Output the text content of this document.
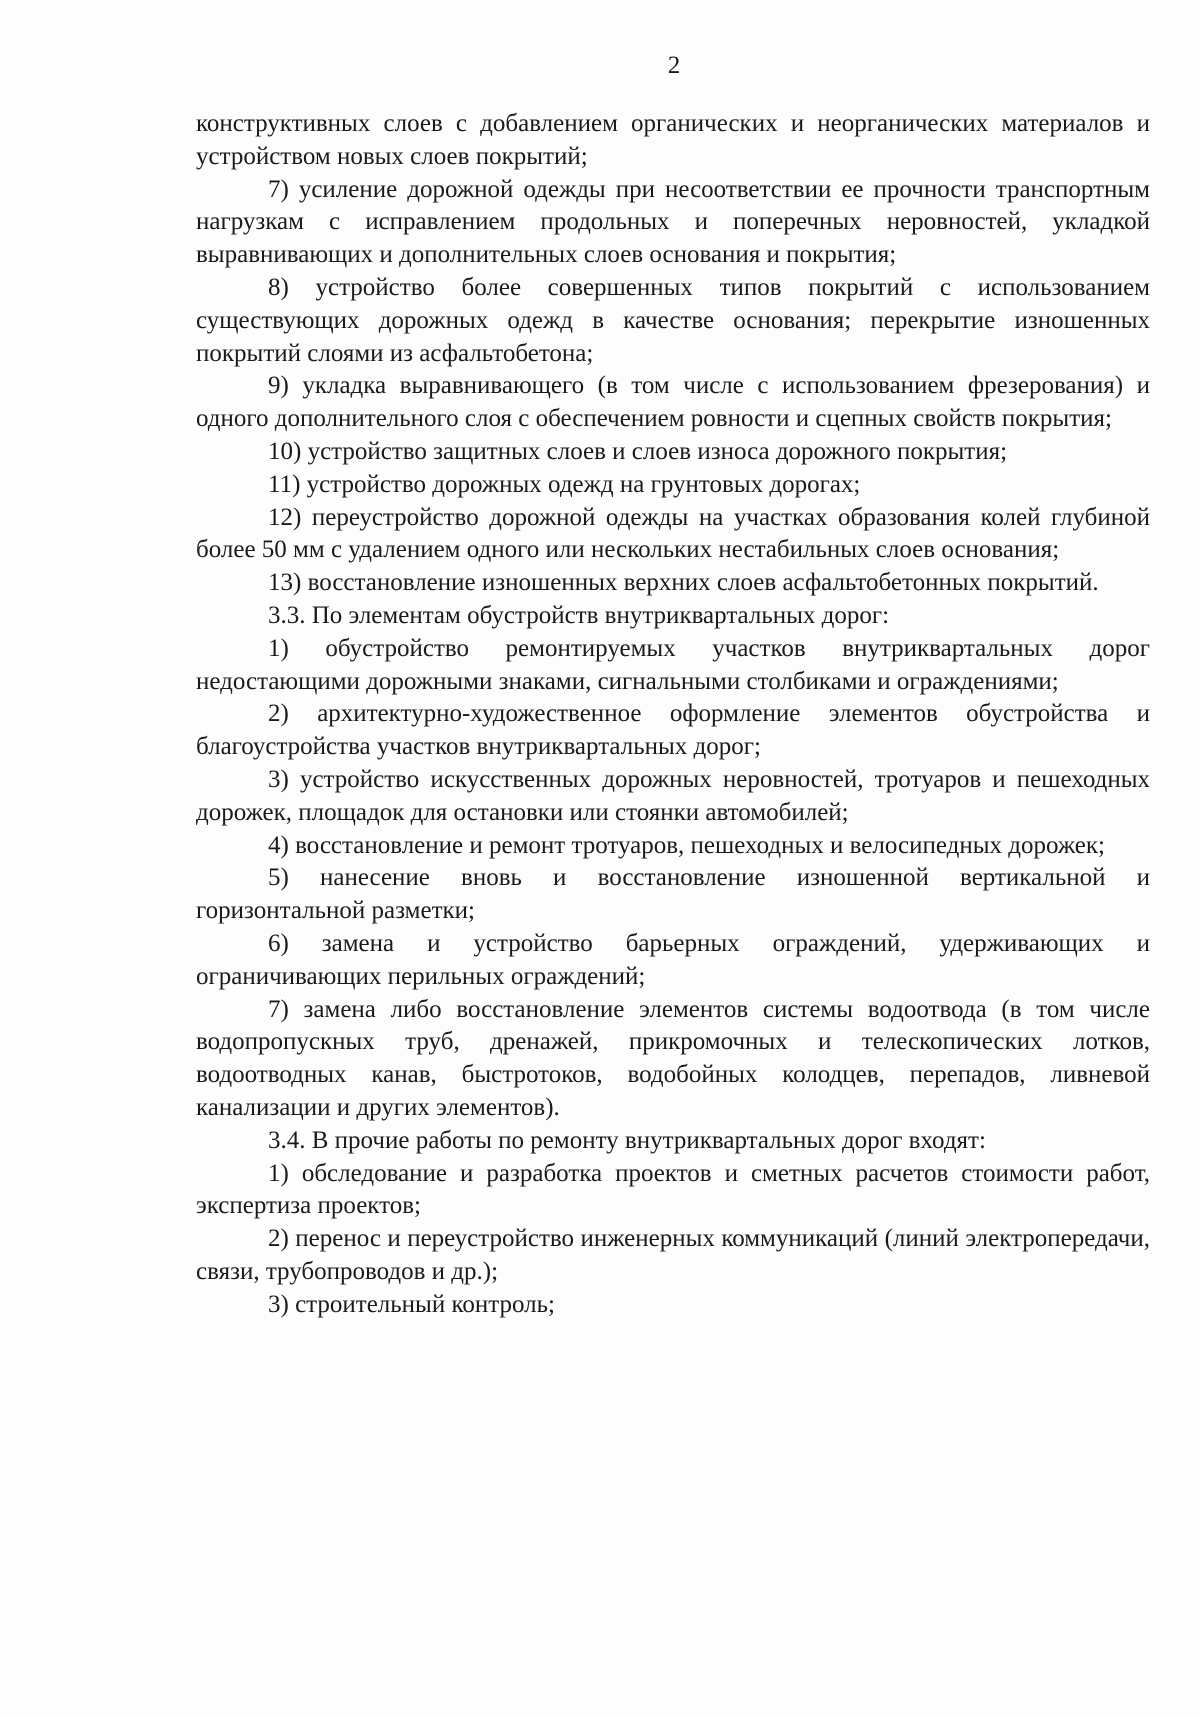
2

конструктивных слоев с добавлением органических и неорганических материалов и устройством новых слоев покрытий;

7) усиление дорожной одежды при несоответствии ее прочности транспортным нагрузкам с исправлением продольных и поперечных неровностей, укладкой выравнивающих и дополнительных слоев основания и покрытия;

8) устройство более совершенных типов покрытий с использованием существующих дорожных одежд в качестве основания; перекрытие изношенных покрытий слоями из асфальтобетона;

9) укладка выравнивающего (в том числе с использованием фрезерования) и одного дополнительного слоя с обеспечением ровности и сцепных свойств покрытия;

10) устройство защитных слоев и слоев износа дорожного покрытия;

11) устройство дорожных одежд на грунтовых дорогах;

12) переустройство дорожной одежды на участках образования колей глубиной более 50 мм с удалением одного или нескольких нестабильных слоев основания;

13) восстановление изношенных верхних слоев асфальтобетонных покрытий.

3.3. По элементам обустройств внутриквартальных дорог:

1) обустройство ремонтируемых участков внутриквартальных дорог недостающими дорожными знаками, сигнальными столбиками и ограждениями;

2) архитектурно-художественное оформление элементов обустройства и благоустройства участков внутриквартальных дорог;

3) устройство искусственных дорожных неровностей, тротуаров и пешеходных дорожек, площадок для остановки или стоянки автомобилей;

4) восстановление и ремонт тротуаров, пешеходных и велосипедных дорожек;

5) нанесение вновь и восстановление изношенной вертикальной и горизонтальной разметки;

6) замена и устройство барьерных ограждений, удерживающих и ограничивающих перильных ограждений;

7) замена либо восстановление элементов системы водоотвода (в том числе водопропускных труб, дренажей, прикромочных и телескопических лотков, водоотводных канав, быстротоков, водобойных колодцев, перепадов, ливневой канализации и других элементов).

3.4. В прочие работы по ремонту внутриквартальных дорог входят:

1) обследование и разработка проектов и сметных расчетов стоимости работ, экспертиза проектов;

2) перенос и переустройство инженерных коммуникаций (линий электропередачи, связи, трубопроводов и др.);

3) строительный контроль;
